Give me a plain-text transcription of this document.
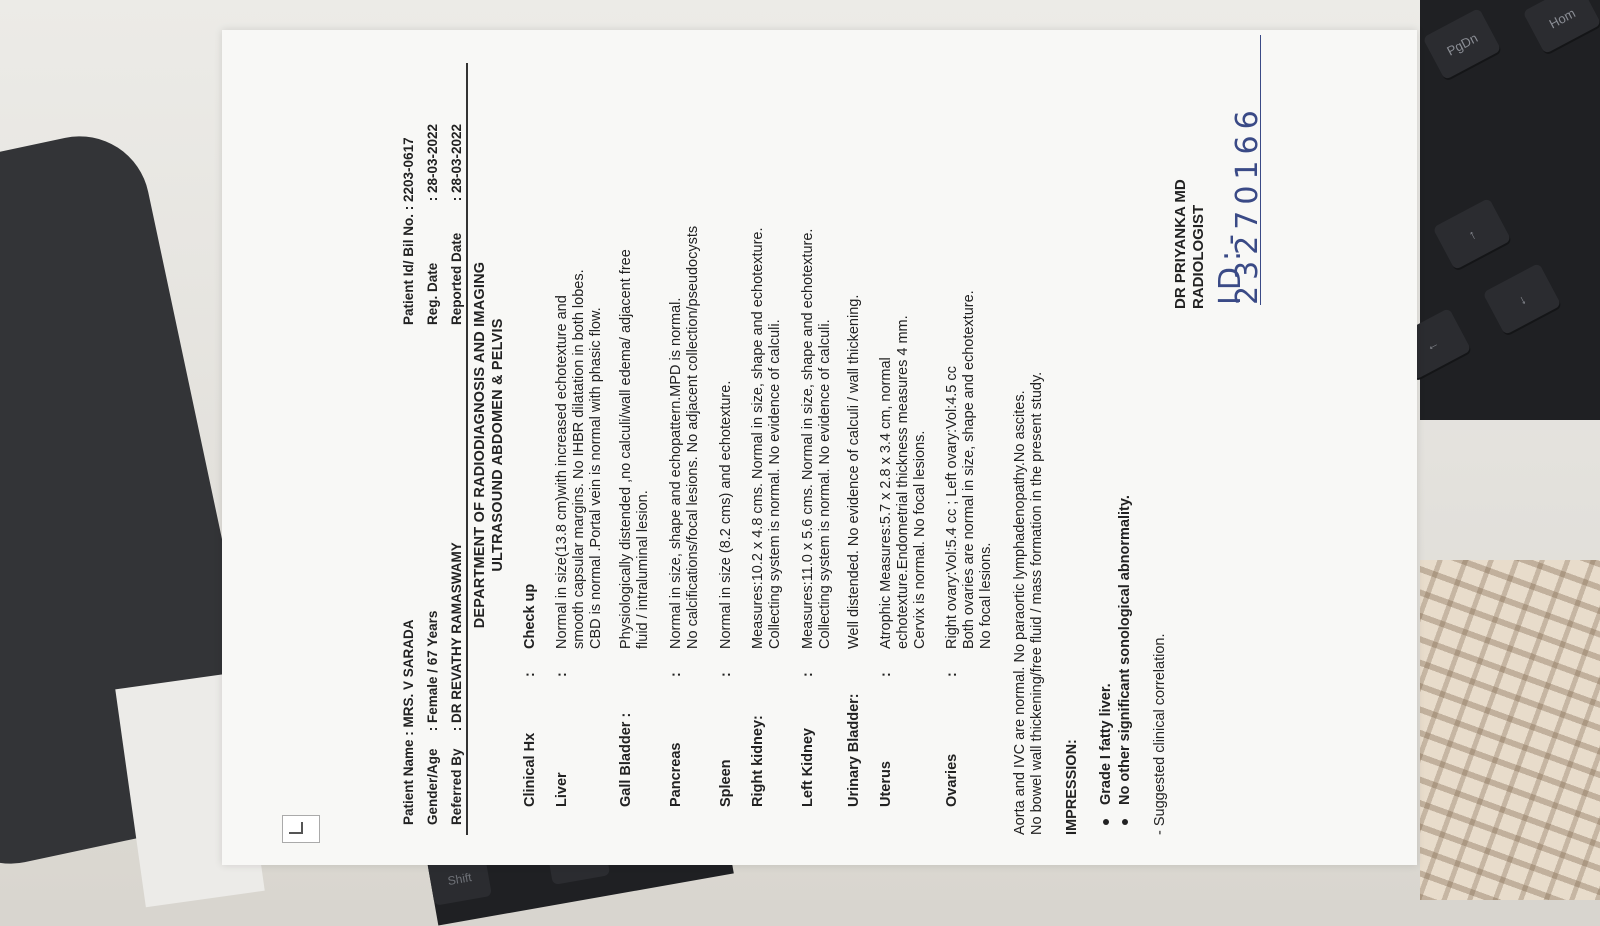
Shift
PgDn
Hom
↑
↓
←
Patient Name : MRS. V SARADA
Gender/Age : Female / 67 Years
Referred By : DR REVATHY RAMASWAMY
Patient Id/ Bil No. : 2203-0617
Reg. Date : 28-03-2022
Reported Date : 28-03-2022
DEPARTMENT OF RADIODIAGNOSIS AND IMAGING ULTRASOUND ABDOMEN & PELVIS
Clinical Hx
:
Check up
Liver
:
Normal in size(13.8 cm)with increased echotexture and smooth capsular margins. No IHBR dilatation in both lobes. CBD is normal .Portal vein is normal with phasic flow.
Gall Bladder :
Physiologically distended ,no calculi/wall edema/ adjacent free fluid / intraluminal lesion.
Pancreas
:
Normal in size, shape and echopattern.MPD is normal. No calcifications/focal lesions. No adjacent collection/pseudocysts
Spleen
:
Normal in size (8.2 cms) and echotexture.
Right kidney:
Measures:10.2 x 4.8 cms. Normal in size, shape and echotexture. Collecting system is normal. No evidence of calculi.
Left Kidney
:
Measures:11.0 x 5.6 cms. Normal in size, shape and echotexture. Collecting system is normal. No evidence of calculi.
Urinary Bladder:
Well distended. No evidence of calculi / wall thickening.
Uterus
:
Atrophic Measures:5.7 x 2.8 x 3.4 cm, normal echotexture.Endometrial thickness measures 4 mm. Cervix is normal. No focal lesions.
Ovaries
:
Right ovary:Vol:5.4 cc ; Left ovary:Vol:4.5 cc Both ovaries are normal in size, shape and echotexture. No focal lesions. Aorta and IVC are normal. No paraortic lymphadenopathy.No ascites. No bowel wall thickening/free fluid / mass formation in the present study. IMPRESSION: Grade I fatty liver. No other significant sonological abnormality. - Suggested clinical correlation.
DR PRIYANKA MD RADIOLOGIST ID:- 23270166
